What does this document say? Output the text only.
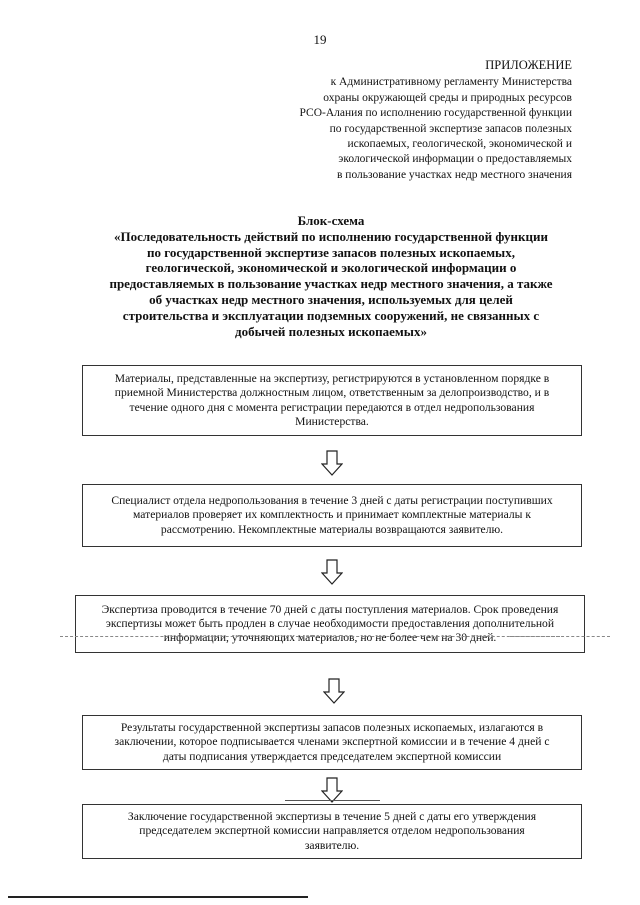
19
ПРИЛОЖЕНИЕ
к Административному регламенту Министерства
охраны окружающей среды и природных ресурсов
РСО-Алания по исполнению государственной функции
по государственной экспертизе запасов полезных
ископаемых, геологической, экономической и
экологической информации о предоставляемых
в пользование участках недр местного значения
Блок-схема
«Последовательность действий по исполнению государственной функции
по государственной экспертизе запасов полезных ископаемых,
геологической, экономической и экологической информации о
предоставляемых в пользование участках недр местного значения, а также
об участках недр местного значения, используемых для целей
строительства и эксплуатации подземных сооружений, не связанных с
добычей полезных ископаемых»
Материалы, представленные на экспертизу, регистрируются в установленном порядке в
приемной Министерства должностным лицом, ответственным за делопроизводство, и в
течение одного дня с момента регистрации передаются в отдел недропользования
Министерства.
Специалист отдела недропользования в течение 3 дней с даты регистрации поступивших
материалов проверяет их комплектность и принимает комплектные материалы к
рассмотрению. Некомплектные материалы возвращаются заявителю.
Экспертиза проводится в течение 70 дней с даты поступления материалов. Срок проведения
экспертизы может быть продлен в случае необходимости предоставления дополнительной
информации, уточняющих материалов, но не более чем на 30 дней.
Результаты государственной экспертизы запасов полезных ископаемых, излагаются в
заключении, которое подписывается членами экспертной комиссии и в течение 4 дней с
даты подписания утверждается председателем экспертной комиссии
Заключение государственной экспертизы в течение 5 дней с даты его утверждения
председателем экспертной комиссии направляется отделом недропользования
заявителю.
